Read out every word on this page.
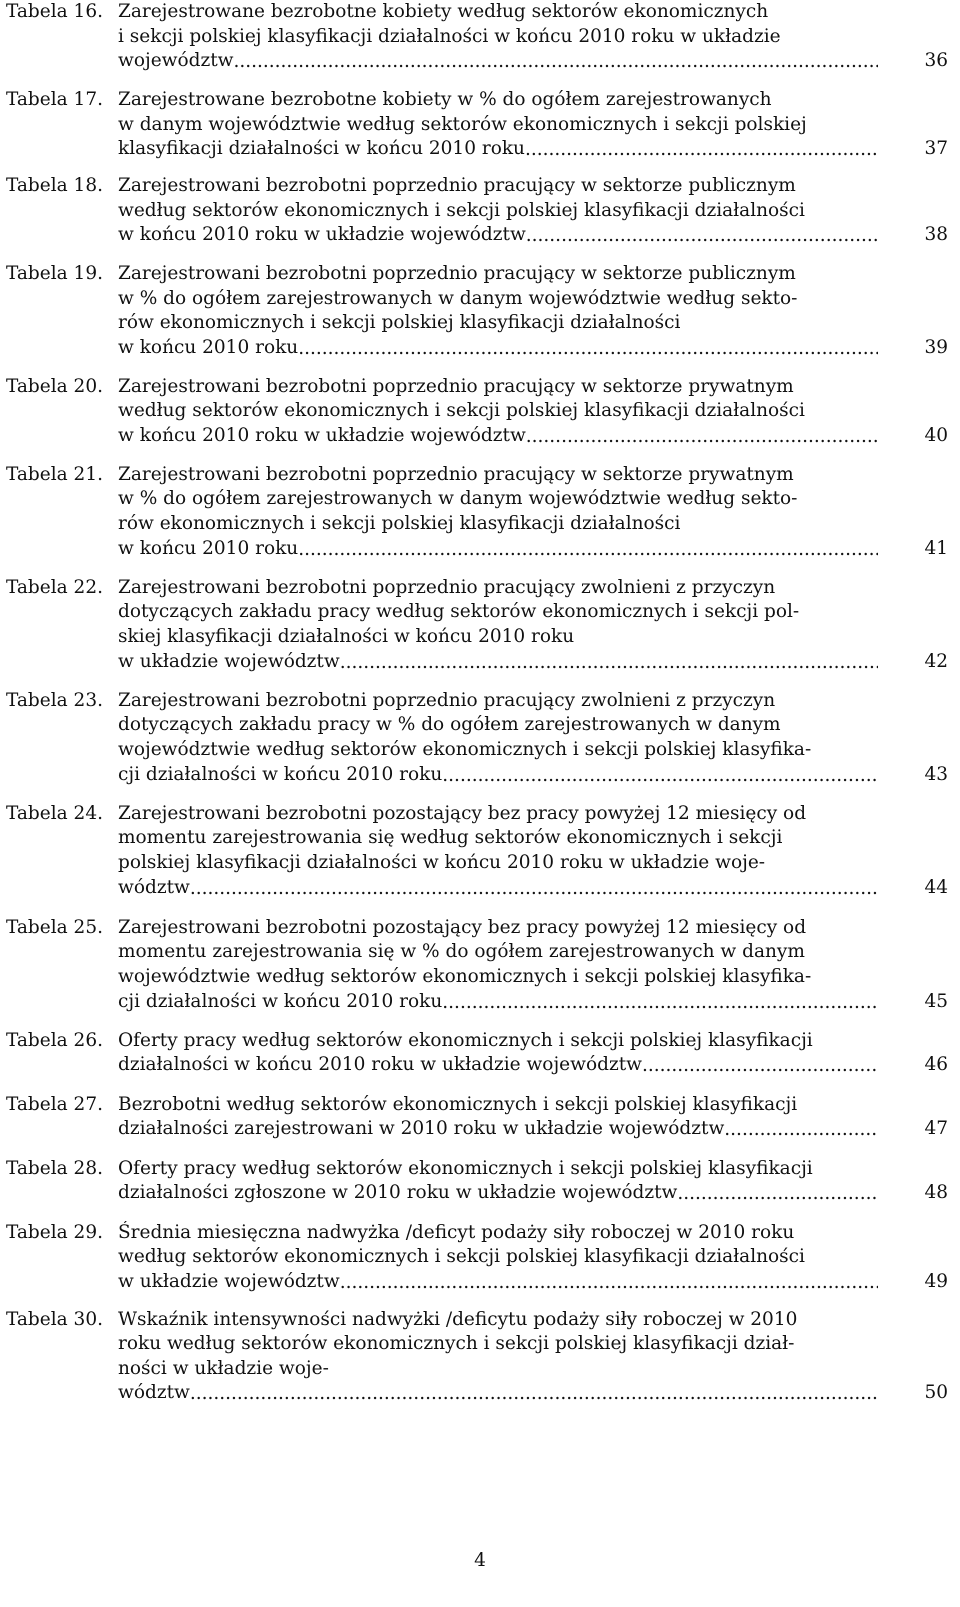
Tabela 16. Zarejestrowane bezrobotne kobiety według sektorów ekonomicznych
i sekcji polskiej klasyfikacji działalności w końcu 2010 roku w układzie
województw .....	36
Tabela 17. Zarejestrowane bezrobotne kobiety w % do ogółem zarejestrowanych
w danym województwie według sektorów ekonomicznych i sekcji polskiej
klasyfikacji działalności w końcu 2010 roku .....	37
Tabela 18. Zarejestrowani bezrobotni poprzednio pracujący w sektorze publicznym
według sektorów ekonomicznych i sekcji polskiej klasyfikacji działalności
w końcu 2010 roku w układzie województw .....	38
Tabela 19. Zarejestrowani bezrobotni poprzednio pracujący w sektorze publicznym
w % do ogółem zarejestrowanych w danym województwie według sekto-
rów ekonomicznych i sekcji polskiej klasyfikacji działalności
w końcu 2010 roku .....	39
Tabela 20. Zarejestrowani bezrobotni poprzednio pracujący w sektorze prywatnym
według sektorów ekonomicznych i sekcji polskiej klasyfikacji działalności
w końcu 2010 roku w układzie województw .....	40
Tabela 21. Zarejestrowani bezrobotni poprzednio pracujący w sektorze prywatnym
w % do ogółem zarejestrowanych w danym województwie według sekto-
rów ekonomicznych i sekcji polskiej klasyfikacji działalności
w końcu 2010 roku .....	41
Tabela 22. Zarejestrowani bezrobotni poprzednio pracujący zwolnieni z przyczyn
dotyczących zakładu pracy według sektorów ekonomicznych i sekcji pol-
skiej klasyfikacji działalności w końcu 2010 roku
w układzie województw .....	42
Tabela 23. Zarejestrowani bezrobotni poprzednio pracujący zwolnieni z przyczyn
dotyczących zakładu pracy w % do ogółem zarejestrowanych w danym
województwie według sektorów ekonomicznych i sekcji polskiej klasyfika-
cji działalności w końcu 2010 roku .....	43
Tabela 24. Zarejestrowani bezrobotni pozostający bez pracy powyżej 12 miesięcy od
momentu zarejestrowania się według sektorów ekonomicznych i sekcji
polskiej klasyfikacji działalności w końcu 2010 roku w układzie woje-
wództw .....	44
Tabela 25. Zarejestrowani bezrobotni pozostający bez pracy powyżej 12 miesięcy od
momentu zarejestrowania się w % do ogółem zarejestrowanych w danym
województwie według sektorów ekonomicznych i sekcji polskiej klasyfika-
cji działalności w końcu 2010 roku .....	45
Tabela 26. Oferty pracy według sektorów ekonomicznych i sekcji polskiej klasyfikacji
działalności w końcu 2010 roku w układzie województw .....	46
Tabela 27. Bezrobotni według sektorów ekonomicznych i sekcji polskiej klasyfikacji
działalności zarejestrowani w 2010 roku w układzie województw .....	47
Tabela 28. Oferty pracy według sektorów ekonomicznych i sekcji polskiej klasyfikacji
działalności zgłoszone w 2010 roku w układzie województw .....	48
Tabela 29. Średnia miesięczna nadwyżka /deficyt podaży siły roboczej w 2010 roku
według sektorów ekonomicznych i sekcji polskiej klasyfikacji działalności
w układzie województw .....	49
Tabela 30. Wskaźnik intensywności nadwyżki /deficytu podaży siły roboczej w 2010
roku według sektorów ekonomicznych i sekcji polskiej klasyfikacji dział-
ności w układzie woje-
wództw .....	50
4
